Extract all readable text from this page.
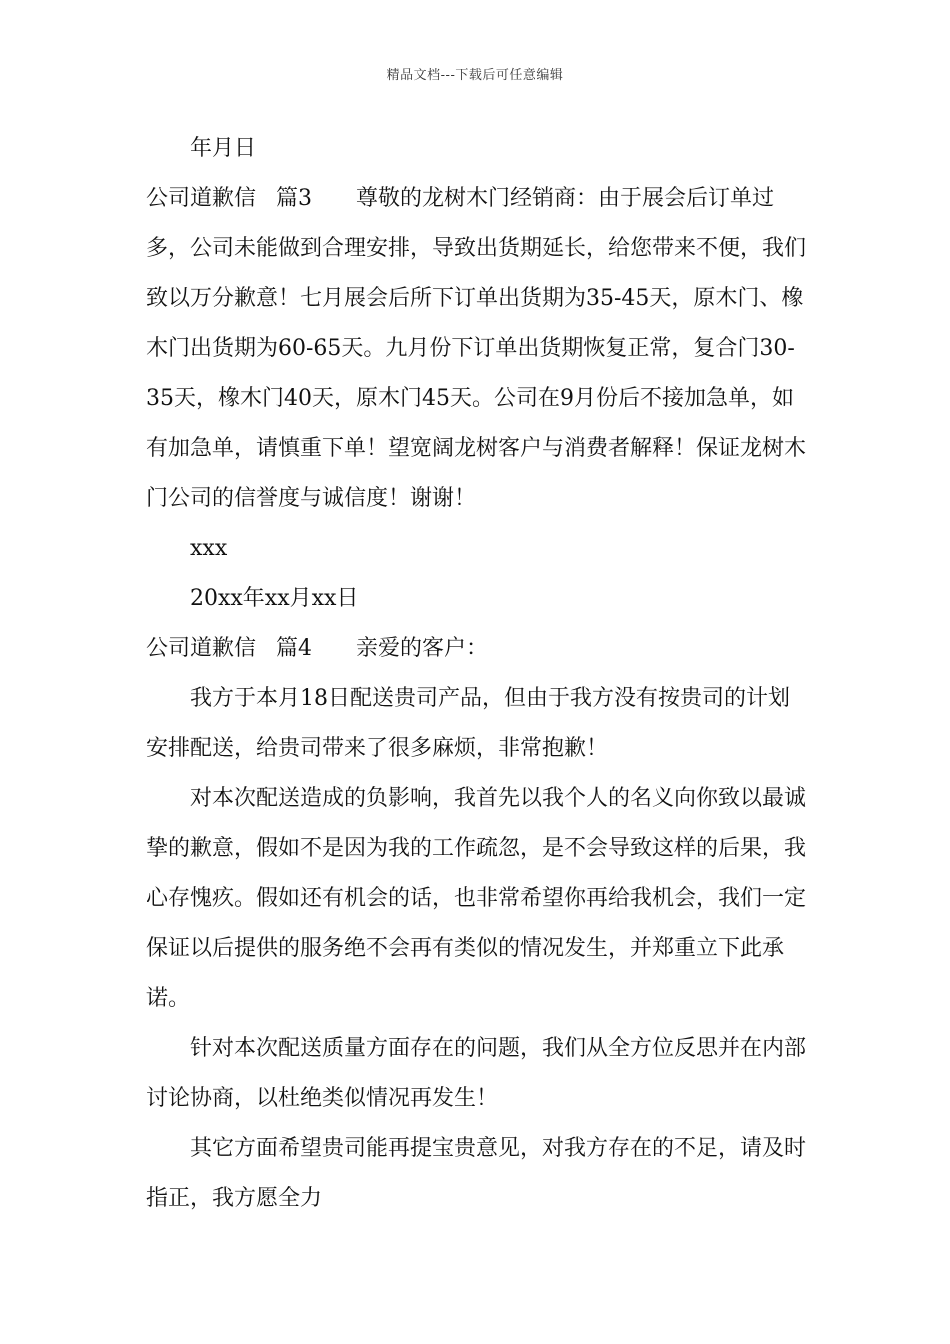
精品文档---下载后可任意编辑

年月日

公司道歉信 篇3 尊敬的龙树木门经销商：由于展会后订单过多，公司未能做到合理安排，导致出货期延长，给您带来不便，我们致以万分歉意！七月展会后所下订单出货期为35-45天，原木门、橡木门出货期为60-65天。九月份下订单出货期恢复正常，复合门30-35天，橡木门40天，原木门45天。公司在9月份后不接加急单，如有加急单，请慎重下单！望宽阔龙树客户与消费者解释！保证龙树木门公司的信誉度与诚信度！谢谢！

xxx

20xx年xx月xx日

公司道歉信 篇4 亲爱的客户：

我方于本月18日配送贵司产品，但由于我方没有按贵司的计划安排配送，给贵司带来了很多麻烦，非常抱歉！

对本次配送造成的负影响，我首先以我个人的名义向你致以最诚挚的歉意，假如不是因为我的工作疏忽，是不会导致这样的后果，我心存愧疚。假如还有机会的话，也非常希望你再给我机会，我们一定保证以后提供的服务绝不会再有类似的情况发生，并郑重立下此承诺。

针对本次配送质量方面存在的问题，我们从全方位反思并在内部讨论协商，以杜绝类似情况再发生！

其它方面希望贵司能再提宝贵意见，对我方存在的不足，请及时指正，我方愿全力
